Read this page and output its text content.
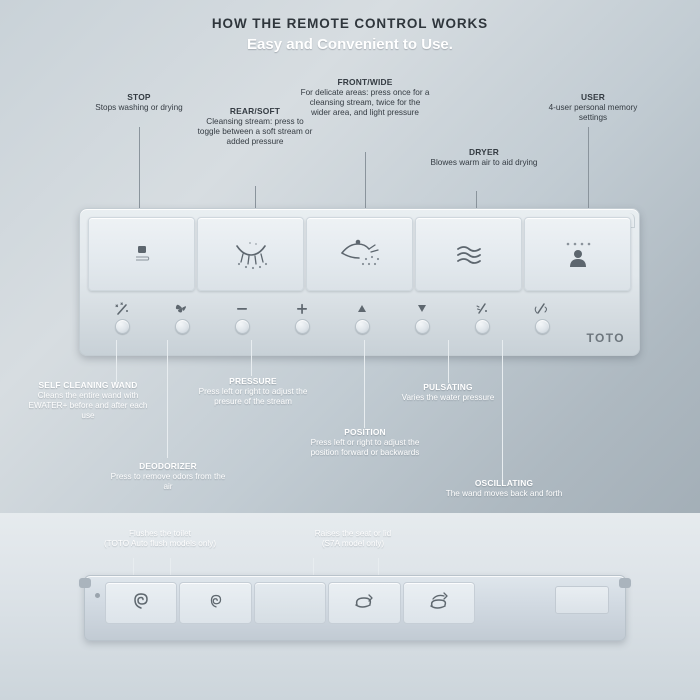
HOW THE REMOTE CONTROL WORKS
Easy and Convenient to Use.
STOP
Stops washing or drying	REAR/SOFT
Cleansing stream: press to toggle between a soft stream or added pressure
FRONT/WIDE
For delicate areas: press once for a cleansing stream, twice for the wider area, and light pressure
DRYER
Blowes warm air to aid drying
USER
4-user personal memory settings
TOTO
SELF CLEANING WAND
Cleans the entire wand with EWATER+ before and after each use
DEODORIZER
Press to remove odors from the air
PRESSURE
Press left or right to adjust the presure of the stream
POSITION
Press left or right to adjust the position forward or backwards
PULSATING
Varies the water pressure
OSCILLATING
The wand moves back and forth
Flushes the toilet
(TOTO Auto flush models only)
Raises the seat or lid
(S7A model only)
